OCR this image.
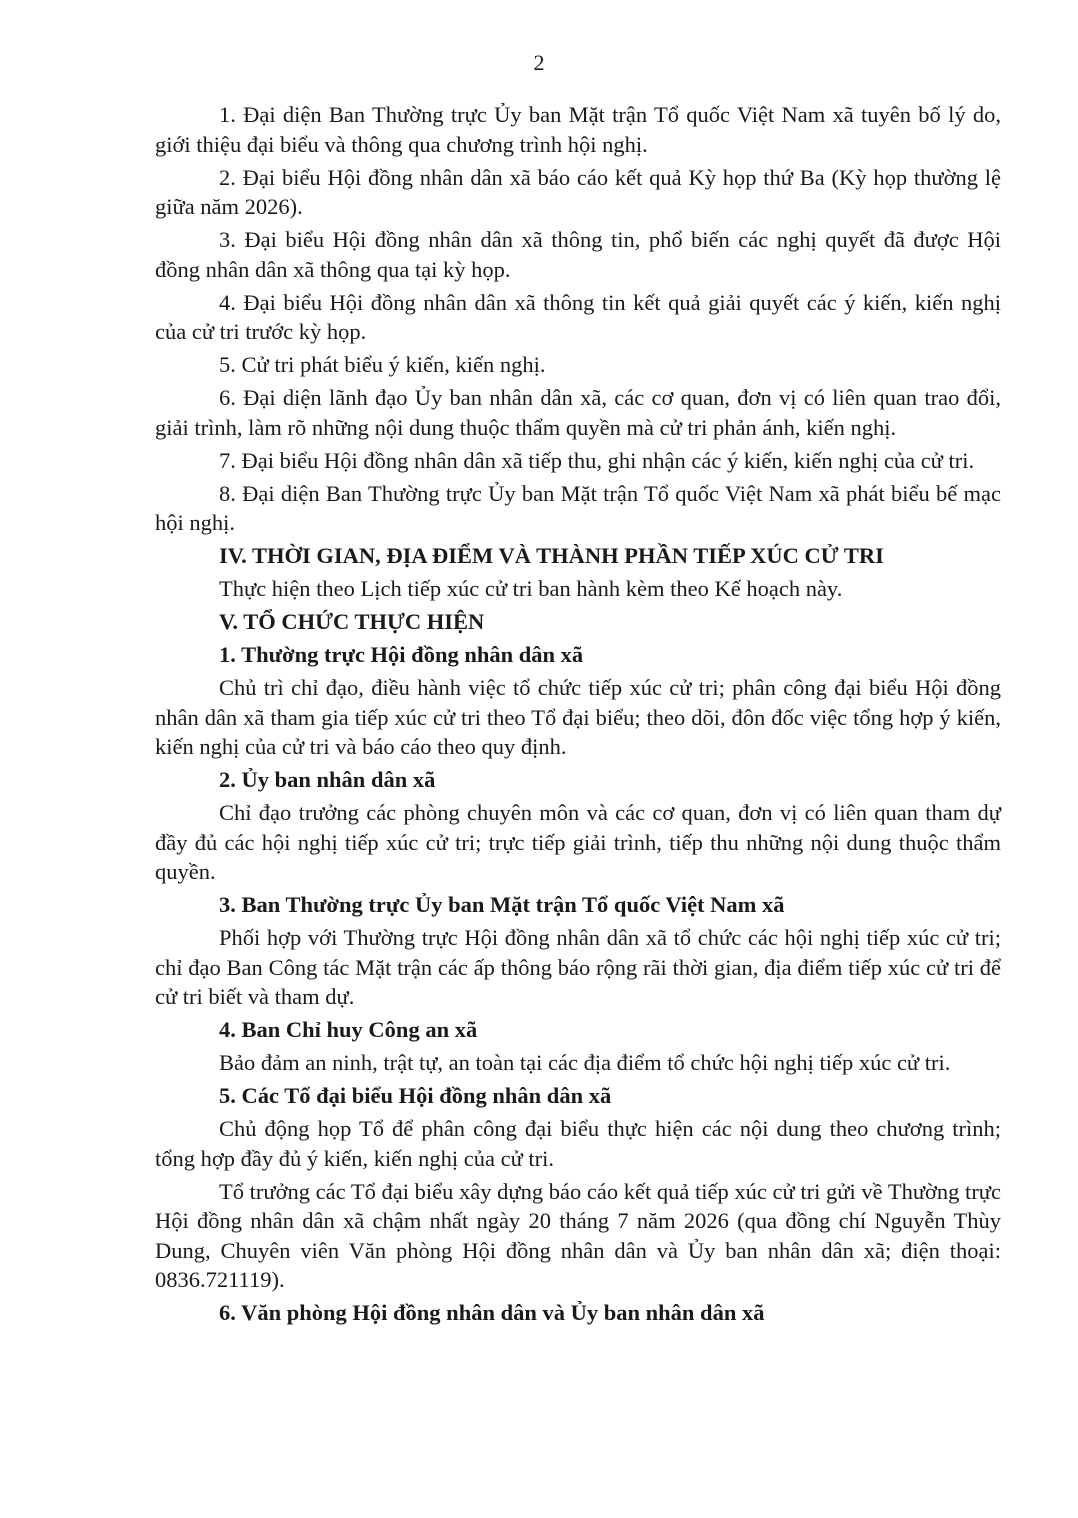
2

1. Đại diện Ban Thường trực Ủy ban Mặt trận Tổ quốc Việt Nam xã tuyên bố lý do, giới thiệu đại biểu và thông qua chương trình hội nghị.

2. Đại biểu Hội đồng nhân dân xã báo cáo kết quả Kỳ họp thứ Ba (Kỳ họp thường lệ giữa năm 2026).

3. Đại biểu Hội đồng nhân dân xã thông tin, phổ biến các nghị quyết đã được Hội đồng nhân dân xã thông qua tại kỳ họp.

4. Đại biểu Hội đồng nhân dân xã thông tin kết quả giải quyết các ý kiến, kiến nghị của cử tri trước kỳ họp.

5. Cử tri phát biểu ý kiến, kiến nghị.

6. Đại diện lãnh đạo Ủy ban nhân dân xã, các cơ quan, đơn vị có liên quan trao đổi, giải trình, làm rõ những nội dung thuộc thẩm quyền mà cử tri phản ánh, kiến nghị.

7. Đại biểu Hội đồng nhân dân xã tiếp thu, ghi nhận các ý kiến, kiến nghị của cử tri.

8. Đại diện Ban Thường trực Ủy ban Mặt trận Tổ quốc Việt Nam xã phát biểu bế mạc hội nghị.

IV. THỜI GIAN, ĐỊA ĐIỂM VÀ THÀNH PHẦN TIẾP XÚC CỬ TRI

Thực hiện theo Lịch tiếp xúc cử tri ban hành kèm theo Kế hoạch này.

V. TỔ CHỨC THỰC HIỆN

1. Thường trực Hội đồng nhân dân xã

Chủ trì chỉ đạo, điều hành việc tổ chức tiếp xúc cử tri; phân công đại biểu Hội đồng nhân dân xã tham gia tiếp xúc cử tri theo Tổ đại biểu; theo dõi, đôn đốc việc tổng hợp ý kiến, kiến nghị của cử tri và báo cáo theo quy định.

2. Ủy ban nhân dân xã

Chỉ đạo trưởng các phòng chuyên môn và các cơ quan, đơn vị có liên quan tham dự đầy đủ các hội nghị tiếp xúc cử tri; trực tiếp giải trình, tiếp thu những nội dung thuộc thẩm quyền.

3. Ban Thường trực Ủy ban Mặt trận Tổ quốc Việt Nam xã

Phối hợp với Thường trực Hội đồng nhân dân xã tổ chức các hội nghị tiếp xúc cử tri; chỉ đạo Ban Công tác Mặt trận các ấp thông báo rộng rãi thời gian, địa điểm tiếp xúc cử tri để cử tri biết và tham dự.

4. Ban Chỉ huy Công an xã

Bảo đảm an ninh, trật tự, an toàn tại các địa điểm tổ chức hội nghị tiếp xúc cử tri.

5. Các Tổ đại biểu Hội đồng nhân dân xã

Chủ động họp Tổ để phân công đại biểu thực hiện các nội dung theo chương trình; tổng hợp đầy đủ ý kiến, kiến nghị của cử tri.

Tổ trưởng các Tổ đại biểu xây dựng báo cáo kết quả tiếp xúc cử tri gửi về Thường trực Hội đồng nhân dân xã chậm nhất ngày 20 tháng 7 năm 2026 (qua đồng chí Nguyễn Thùy Dung, Chuyên viên Văn phòng Hội đồng nhân dân và Ủy ban nhân dân xã; điện thoại: 0836.721119).

6. Văn phòng Hội đồng nhân dân và Ủy ban nhân dân xã
